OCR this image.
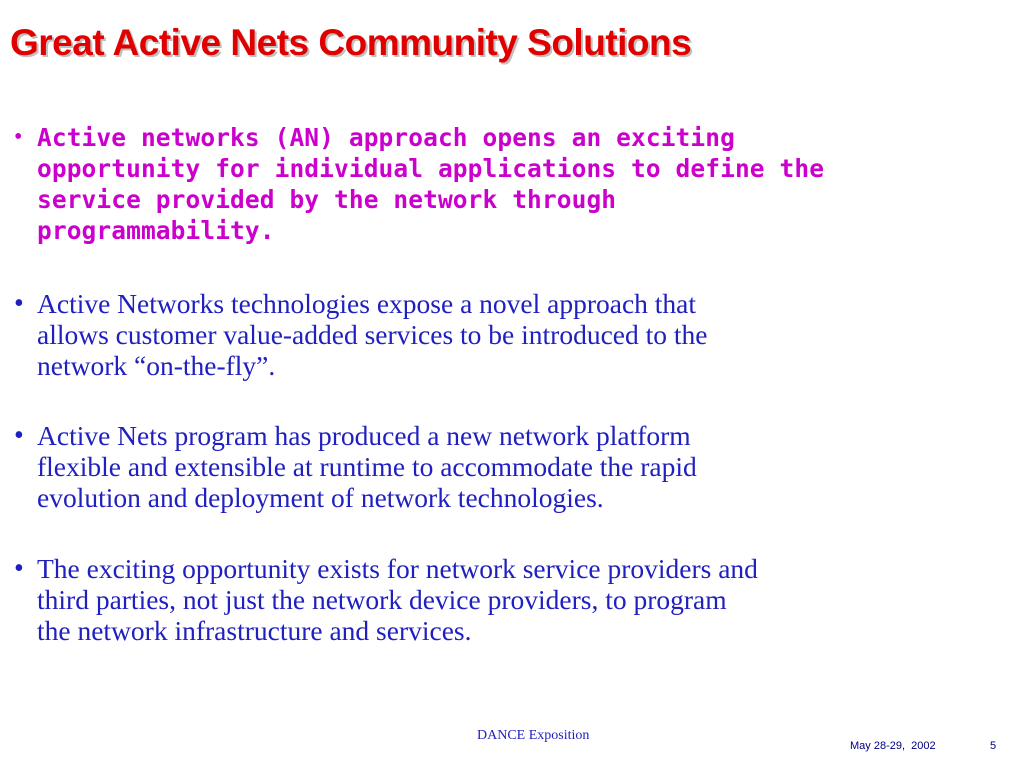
Great Active Nets Community Solutions
• Active networks (AN) approach opens an exciting
opportunity for individual applications to define the
service provided by the network through
programmability.
• Active Networks technologies expose a novel approach that
allows customer value-added services to be introduced to the
network “on-the-fly”.
• Active Nets program has produced a new network platform
flexible and extensible at runtime to accommodate the rapid
evolution and deployment of network technologies.
• The exciting opportunity exists for network service providers and
third parties, not just the network device providers, to program
the network infrastructure and services.
DANCE Exposition
May 28-29,  2002	5
